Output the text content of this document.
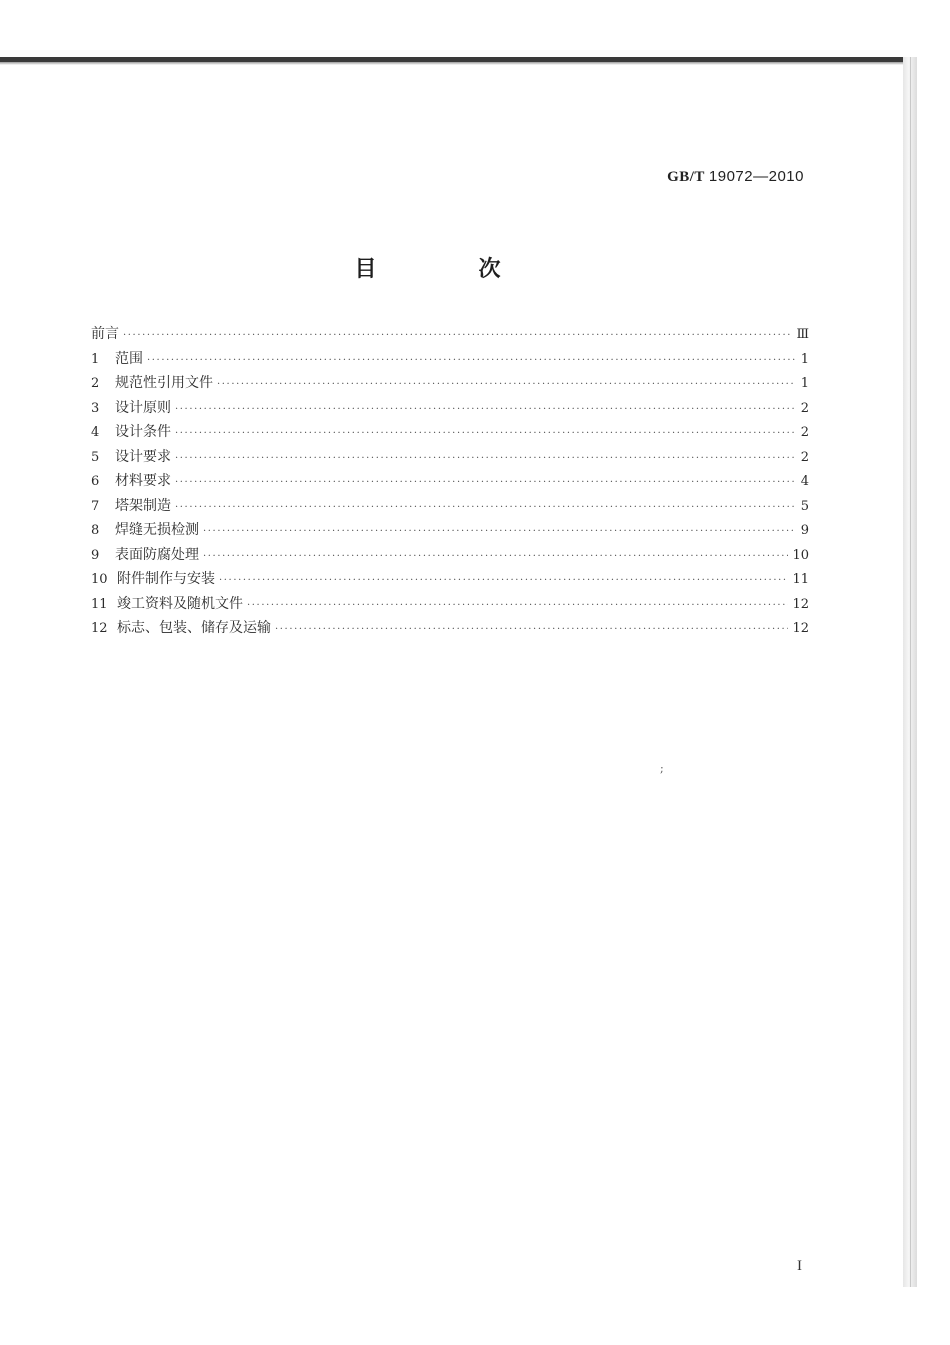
GB/T 19072—2010
目　次
前言 ·····	Ⅲ
1	范围 ·····	1
2	规范性引用文件 ·····	1
3	设计原则 ·····	2
4	设计条件 ·····	2
5	设计要求 ·····	2
6	材料要求 ·····	4
7	塔架制造 ·····	5
8	焊缝无损检测 ·····	9
9	表面防腐处理 ·····	10
10 附件制作与安装 ·····	11
11 竣工资料及随机文件 ·····	12
12 标志、包装、储存及运输 ·····	12
;
I
